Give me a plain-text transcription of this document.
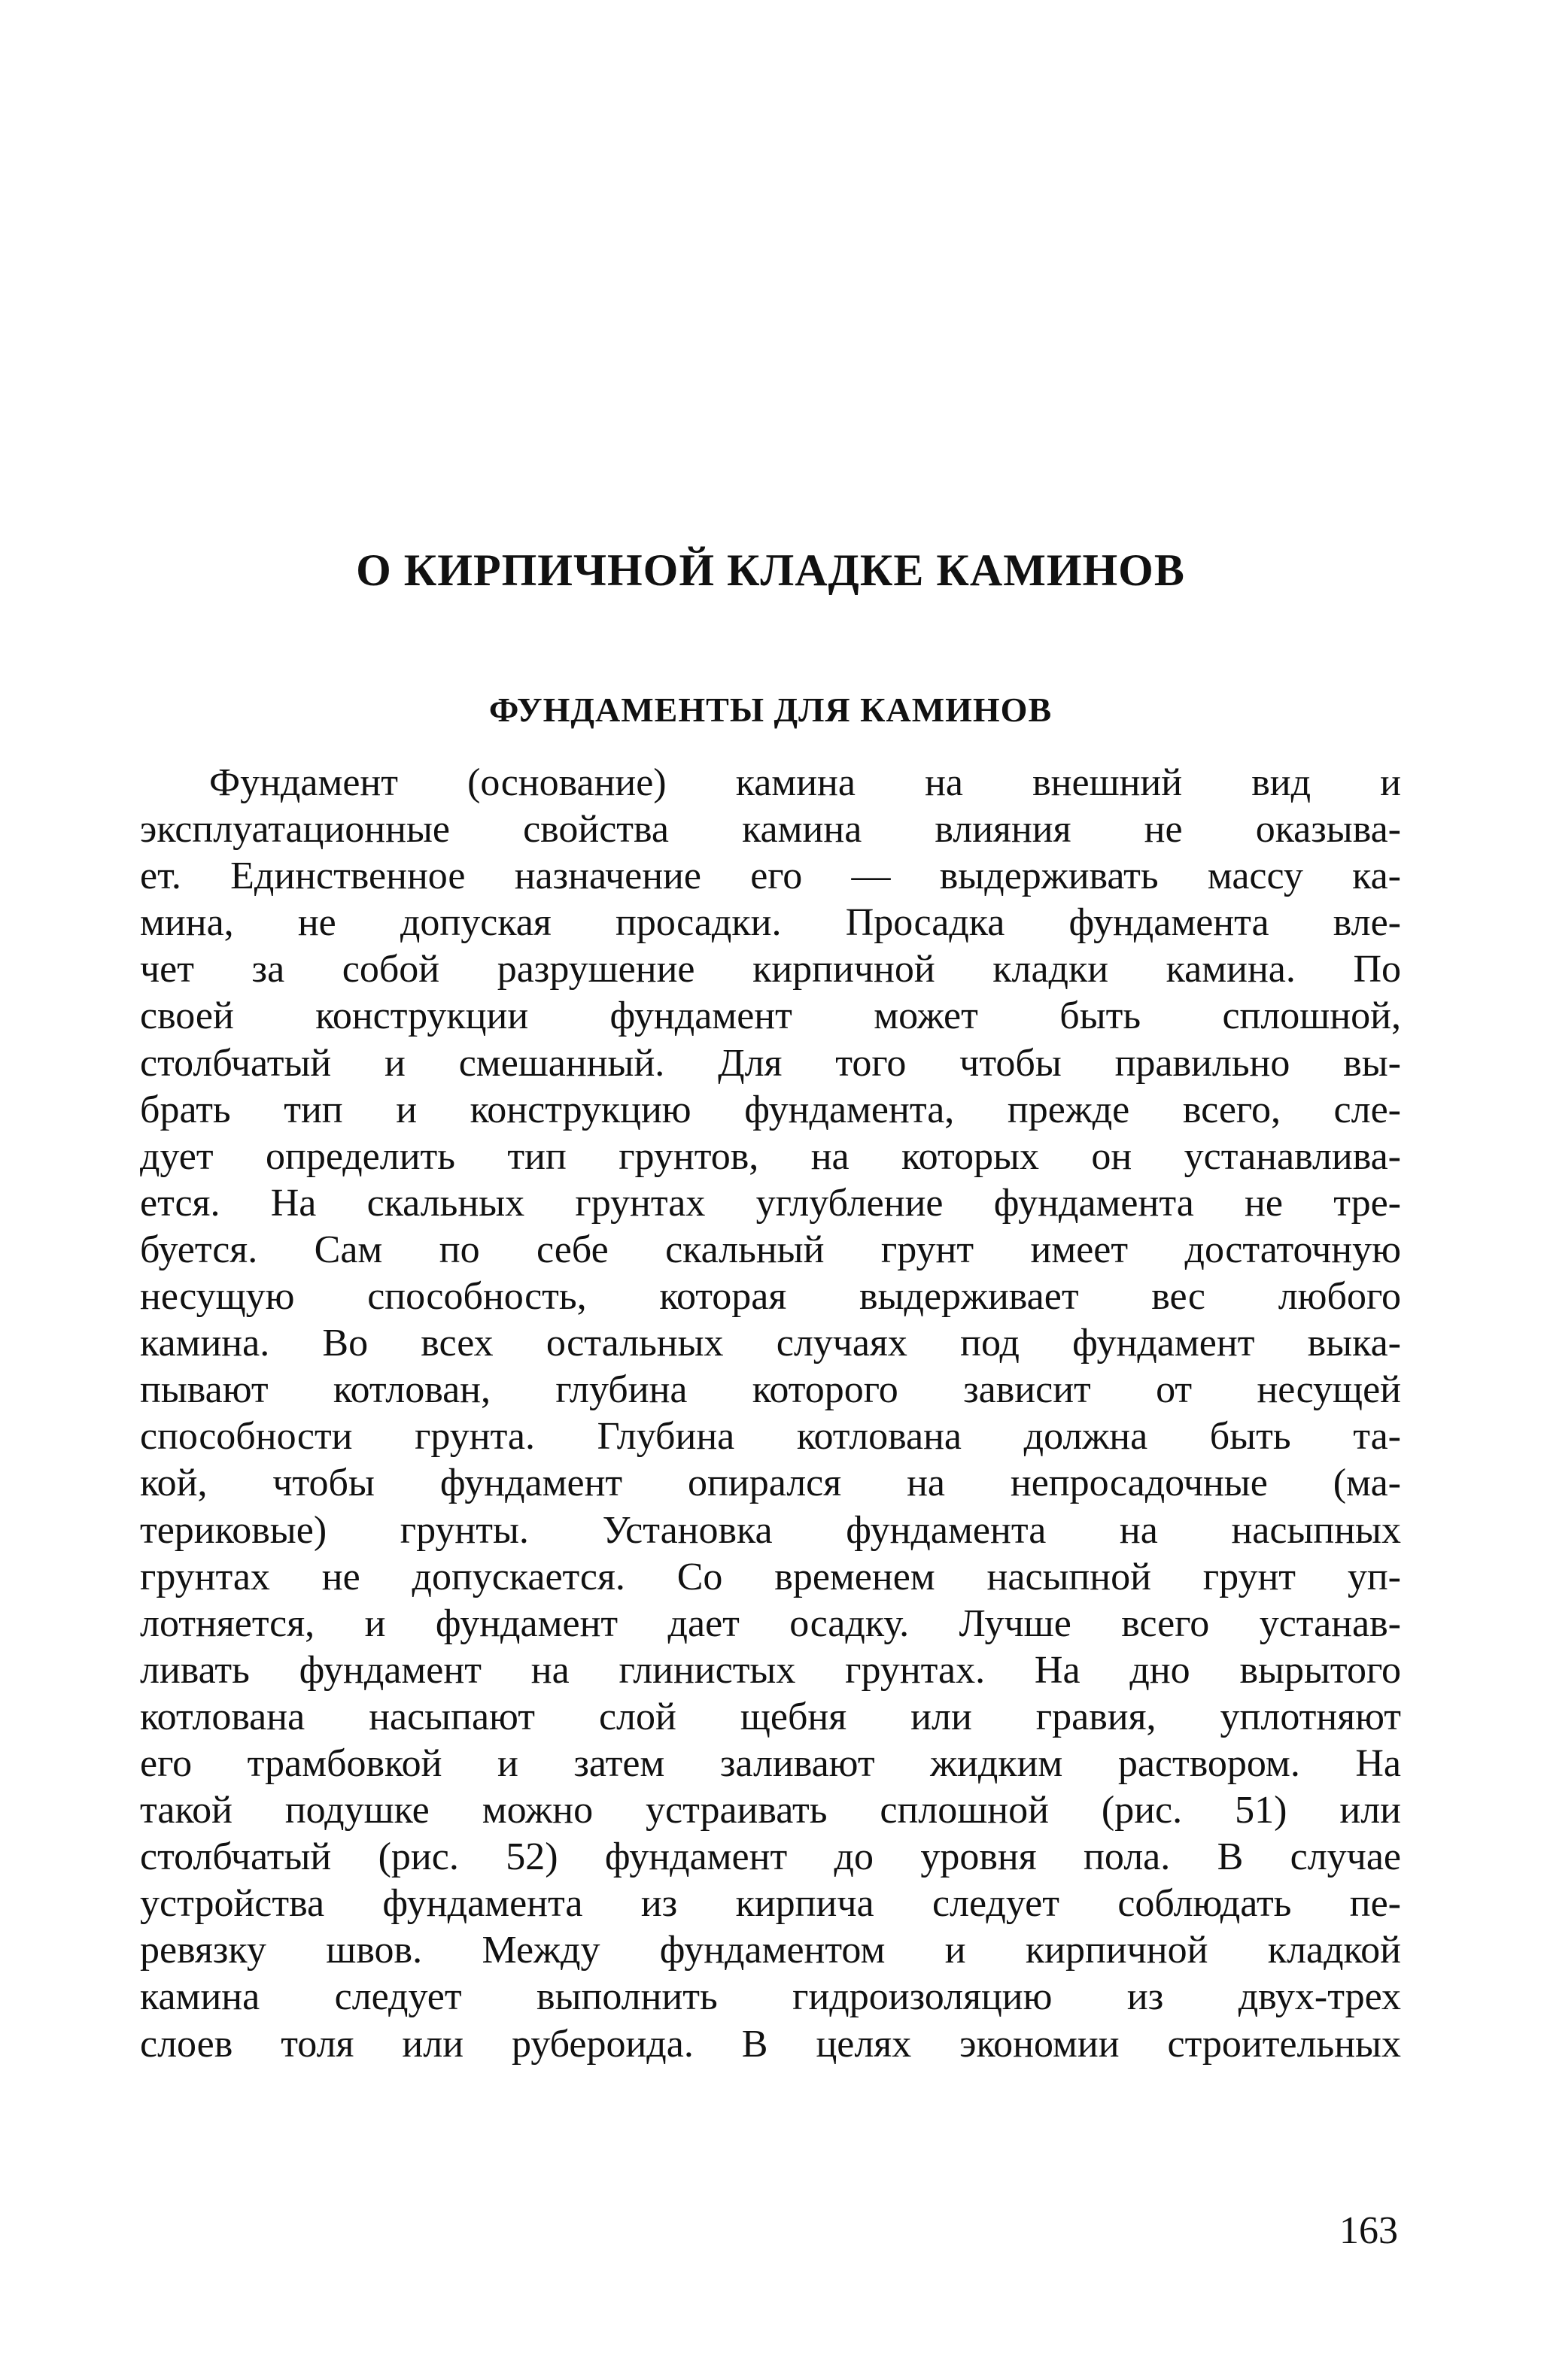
О КИРПИЧНОЙ КЛАДКЕ КАМИНОВ
ФУНДАМЕНТЫ ДЛЯ КАМИНОВ
Фундамент (основание) камина на внешний вид и
эксплуатационные свойства камина влияния не оказыва-
ет. Единственное назначение его — выдерживать массу ка-
мина, не допуская просадки. Просадка фундамента вле-
чет за собой разрушение кирпичной кладки камина. По
своей конструкции фундамент может быть сплошной,
столбчатый и смешанный. Для того чтобы правильно вы-
брать тип и конструкцию фундамента, прежде всего, сле-
дует определить тип грунтов, на которых он устанавлива-
ется. На скальных грунтах углубление фундамента не тре-
буется. Сам по себе скальный грунт имеет достаточную
несущую способность, которая выдерживает вес любого
камина. Во всех остальных случаях под фундамент выка-
пывают котлован, глубина которого зависит от несущей
способности грунта. Глубина котлована должна быть та-
кой, чтобы фундамент опирался на непросадочные (ма-
териковые) грунты. Установка фундамента на насыпных
грунтах не допускается. Со временем насыпной грунт уп-
лотняется, и фундамент дает осадку. Лучше всего устанав-
ливать фундамент на глинистых грунтах. На дно вырытого
котлована насыпают слой щебня или гравия, уплотняют
его трамбовкой и затем заливают жидким раствором. На
такой подушке можно устраивать сплошной (рис. 51) или
столбчатый (рис. 52) фундамент до уровня пола. В случае
устройства фундамента из кирпича следует соблюдать пе-
ревязку швов. Между фундаментом и кирпичной кладкой
камина следует выполнить гидроизоляцию из двух-трех
слоев толя или рубероида. В целях экономии строительных
163
